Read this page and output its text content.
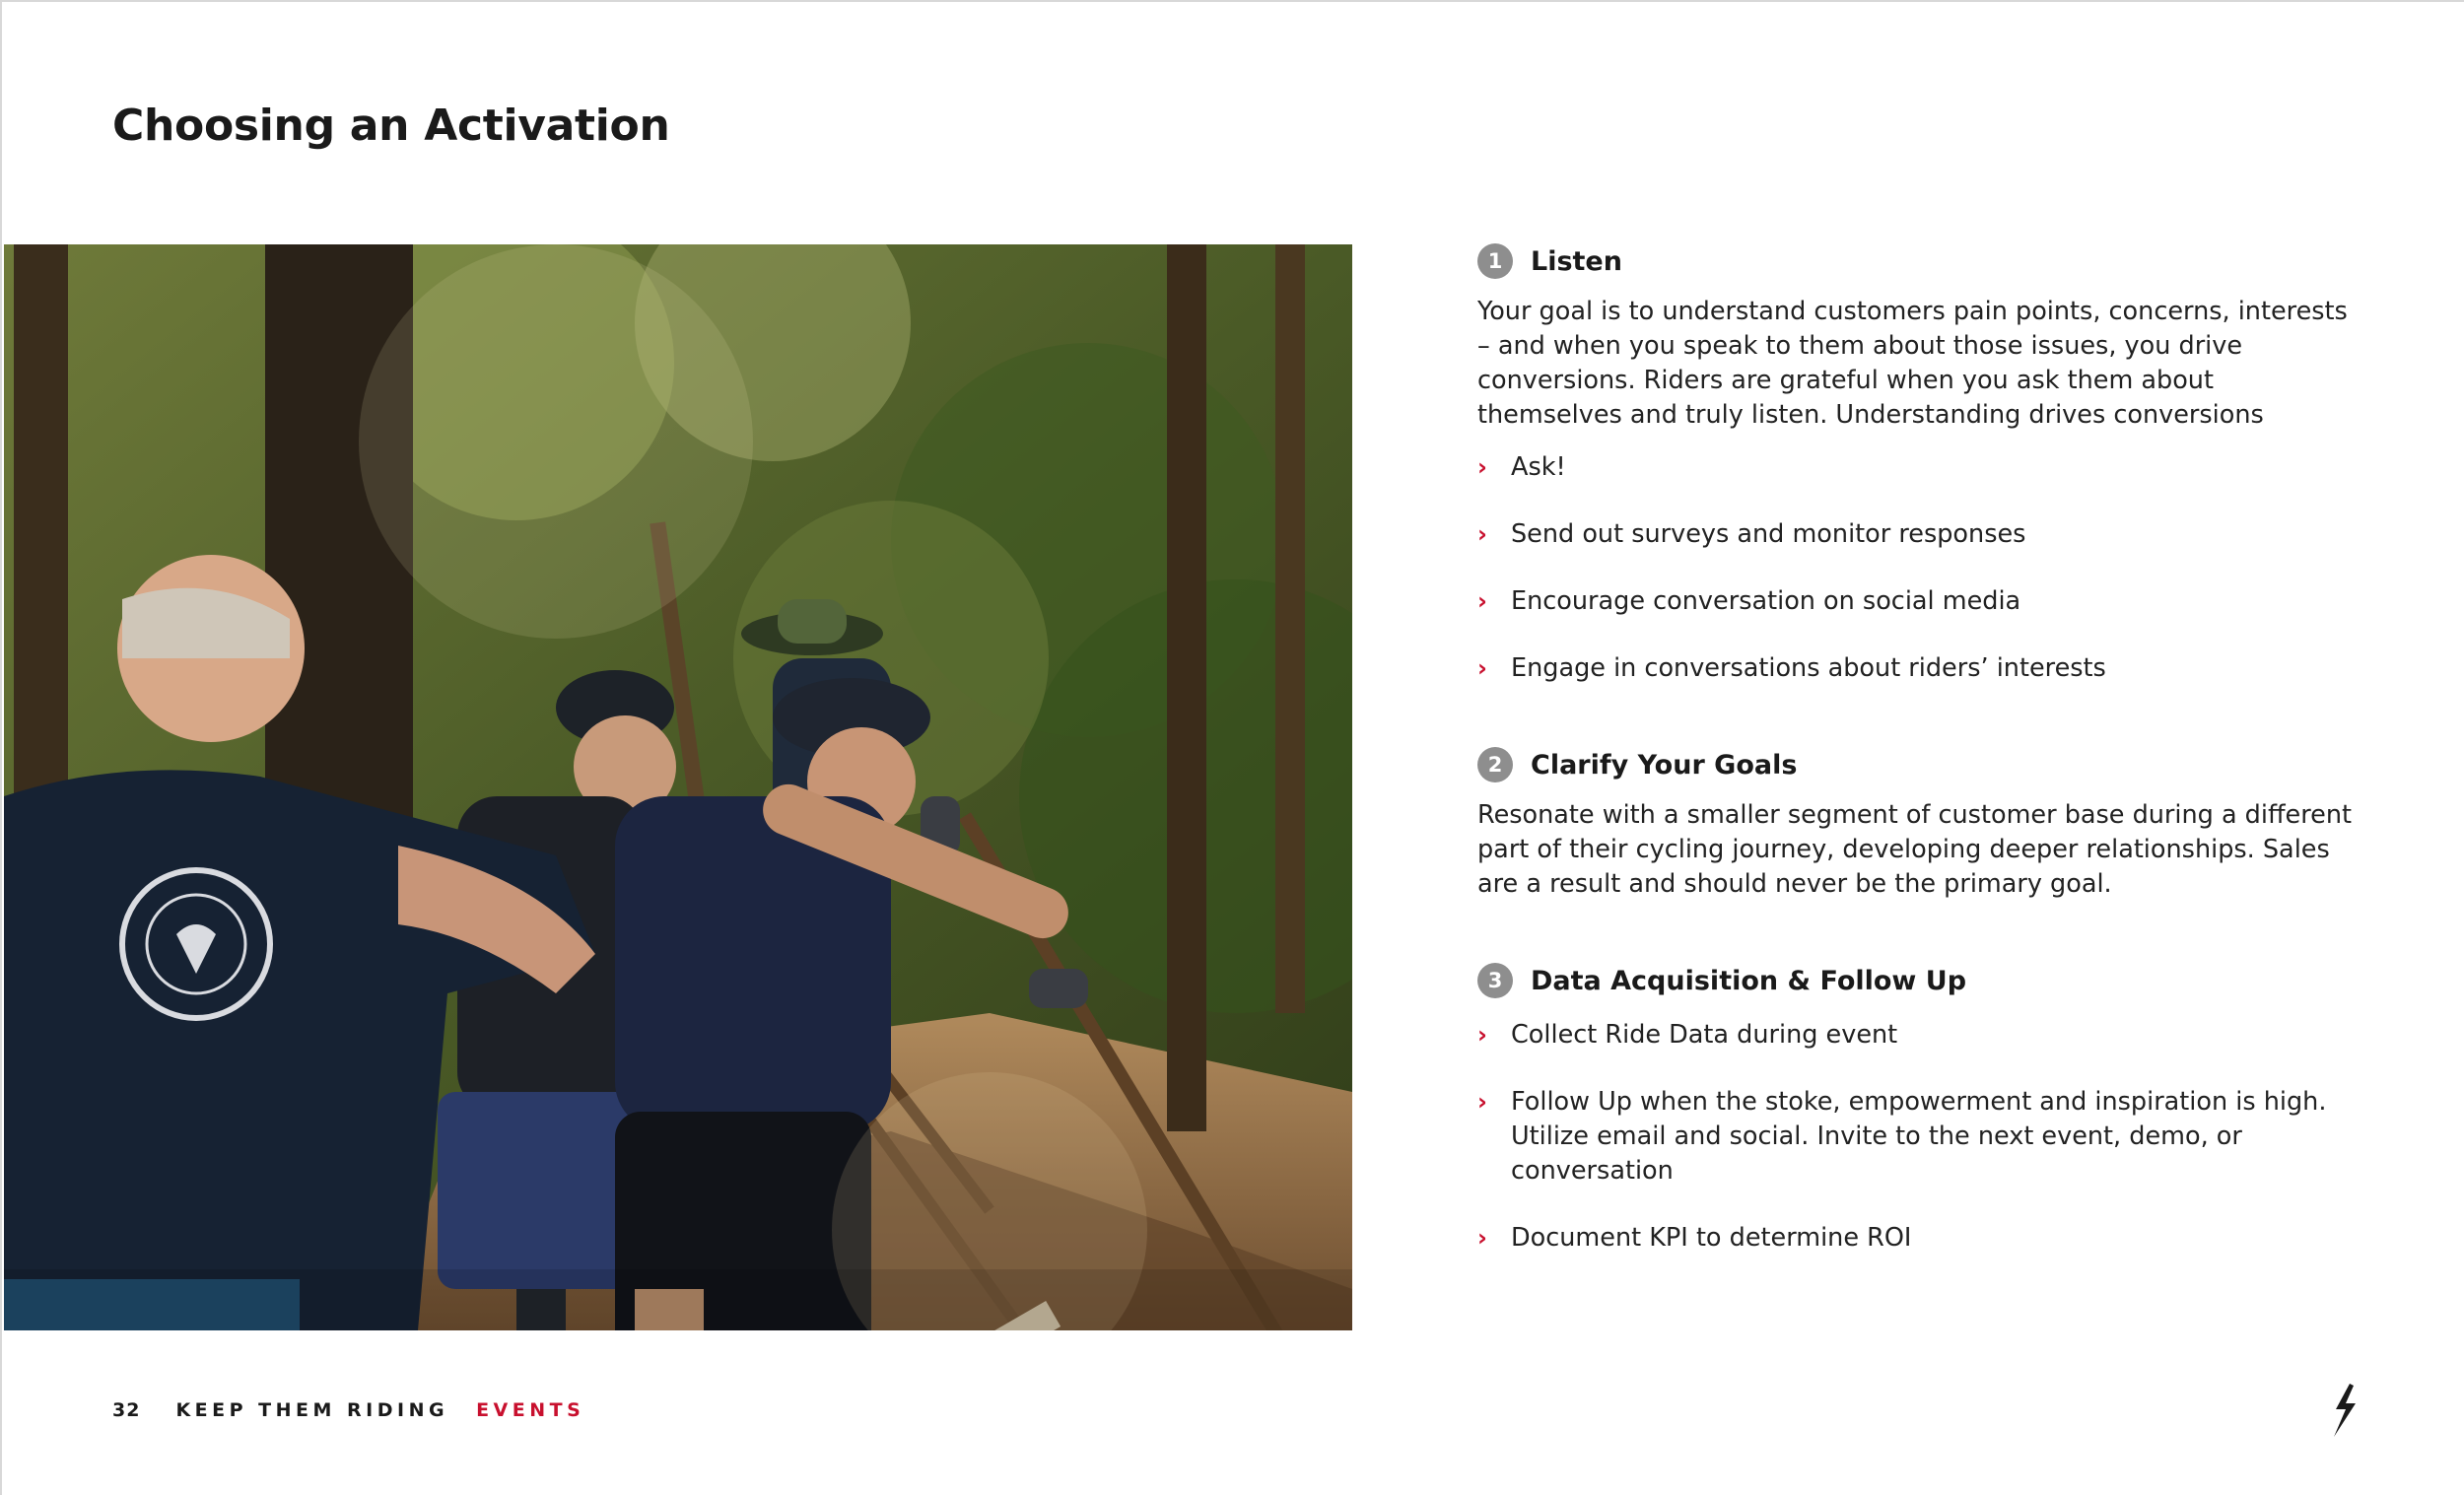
Choosing an Activation
1	Listen

Your goal is to understand customers pain points, concerns, interests – and when you speak to them about those issues, you drive conversions. Riders are grateful when you ask them about themselves and truly listen. Understanding drives conversions

› Ask!
› Send out surveys and monitor responses
› Encourage conversation on social media
› Engage in conversations about riders’ interests
2	Clarify Your Goals

Resonate with a smaller segment of customer base during a different part of their cycling journey, developing deeper relationships. Sales are a result and should never be the primary goal.

3	Data Acquisition & Follow Up
› Collect Ride Data during event
› Follow Up when the stoke, empowerment and inspiration is high. Utilize email and social. Invite to the next event, demo, or conversation
› Document KPI to determine ROI
32 KEEP THEM RIDING EVENTS
